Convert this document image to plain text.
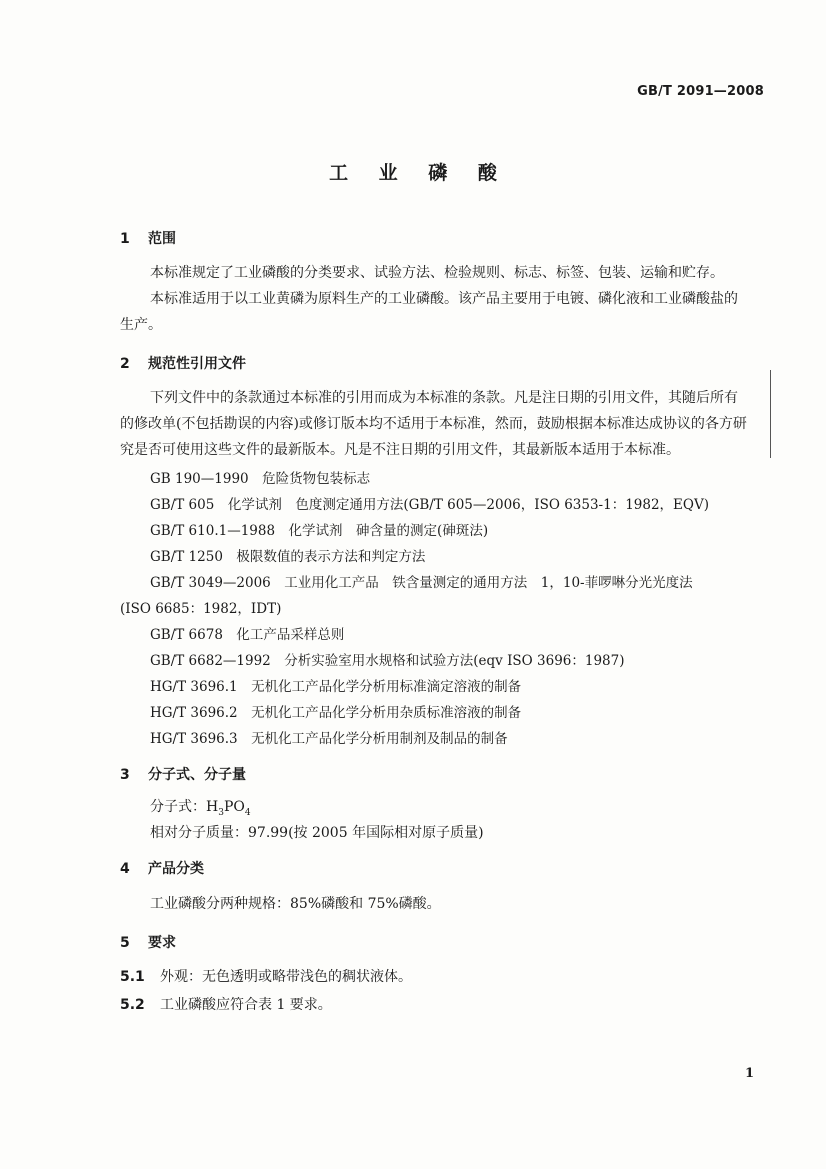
GB/T 2091—2008
工 业 磷 酸
1 范围
本标准规定了工业磷酸的分类要求、试验方法、检验规则、标志、标签、包装、运输和贮存。
本标准适用于以工业黄磷为原料生产的工业磷酸。该产品主要用于电镀、磷化液和工业磷酸盐的
生产。
2 规范性引用文件
下列文件中的条款通过本标准的引用而成为本标准的条款。凡是注日期的引用文件，其随后所有
的修改单(不包括勘误的内容)或修订版本均不适用于本标准，然而，鼓励根据本标准达成协议的各方研
究是否可使用这些文件的最新版本。凡是不注日期的引用文件，其最新版本适用于本标准。
GB 190—1990　危险货物包装标志
GB/T 605　化学试剂　色度测定通用方法(GB/T 605—2006，ISO 6353-1：1982，EQV)
GB/T 610.1—1988　化学试剂　砷含量的测定(砷斑法)
GB/T 1250　极限数值的表示方法和判定方法
GB/T 3049—2006　工业用化工产品　铁含量测定的通用方法　1，10-菲啰啉分光光度法
(ISO 6685：1982，IDT)
GB/T 6678　化工产品采样总则
GB/T 6682—1992　分析实验室用水规格和试验方法(eqv ISO 3696：1987)
HG/T 3696.1　无机化工产品化学分析用标准滴定溶液的制备
HG/T 3696.2　无机化工产品化学分析用杂质标准溶液的制备
HG/T 3696.3　无机化工产品化学分析用制剂及制品的制备
3 分子式、分子量
分子式：$H_3PO_4$
相对分子质量：97.99(按 2005 年国际相对原子质量)
4 产品分类
工业磷酸分两种规格：85%磷酸和 75%磷酸。
5 要求
5.1 外观：无色透明或略带浅色的稠状液体。
5.2 工业磷酸应符合表 1 要求。
1
